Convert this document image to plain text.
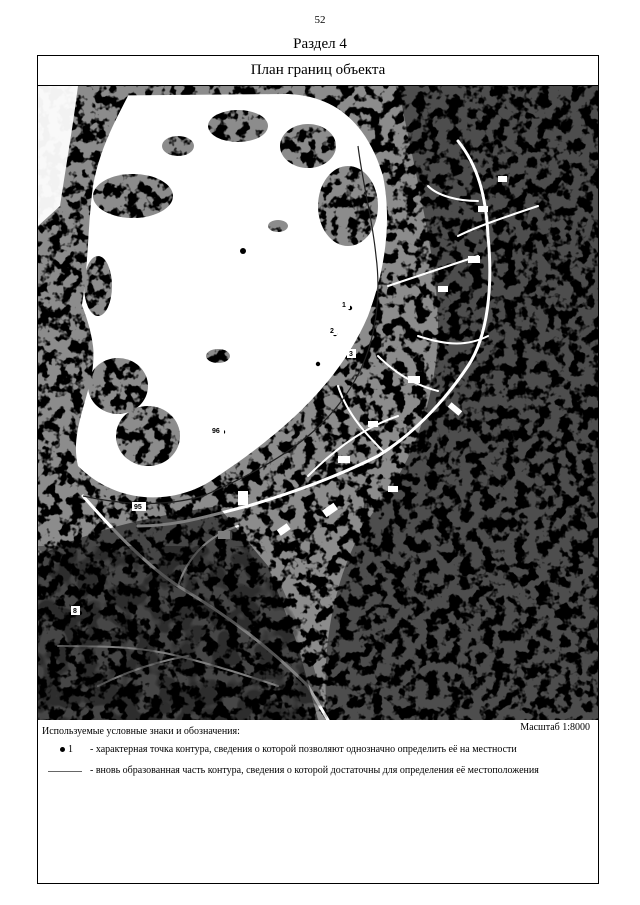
52
Раздел 4
План границ объекта
1
2
3
96
95
8
Используемые условные знаки и обозначения:	Масштаб 1:8000
1 - характерная точка контура, сведения о которой позволяют однозначно определить её на местности
- вновь образованная часть контура, сведения о которой достаточны для определения её местоположения
